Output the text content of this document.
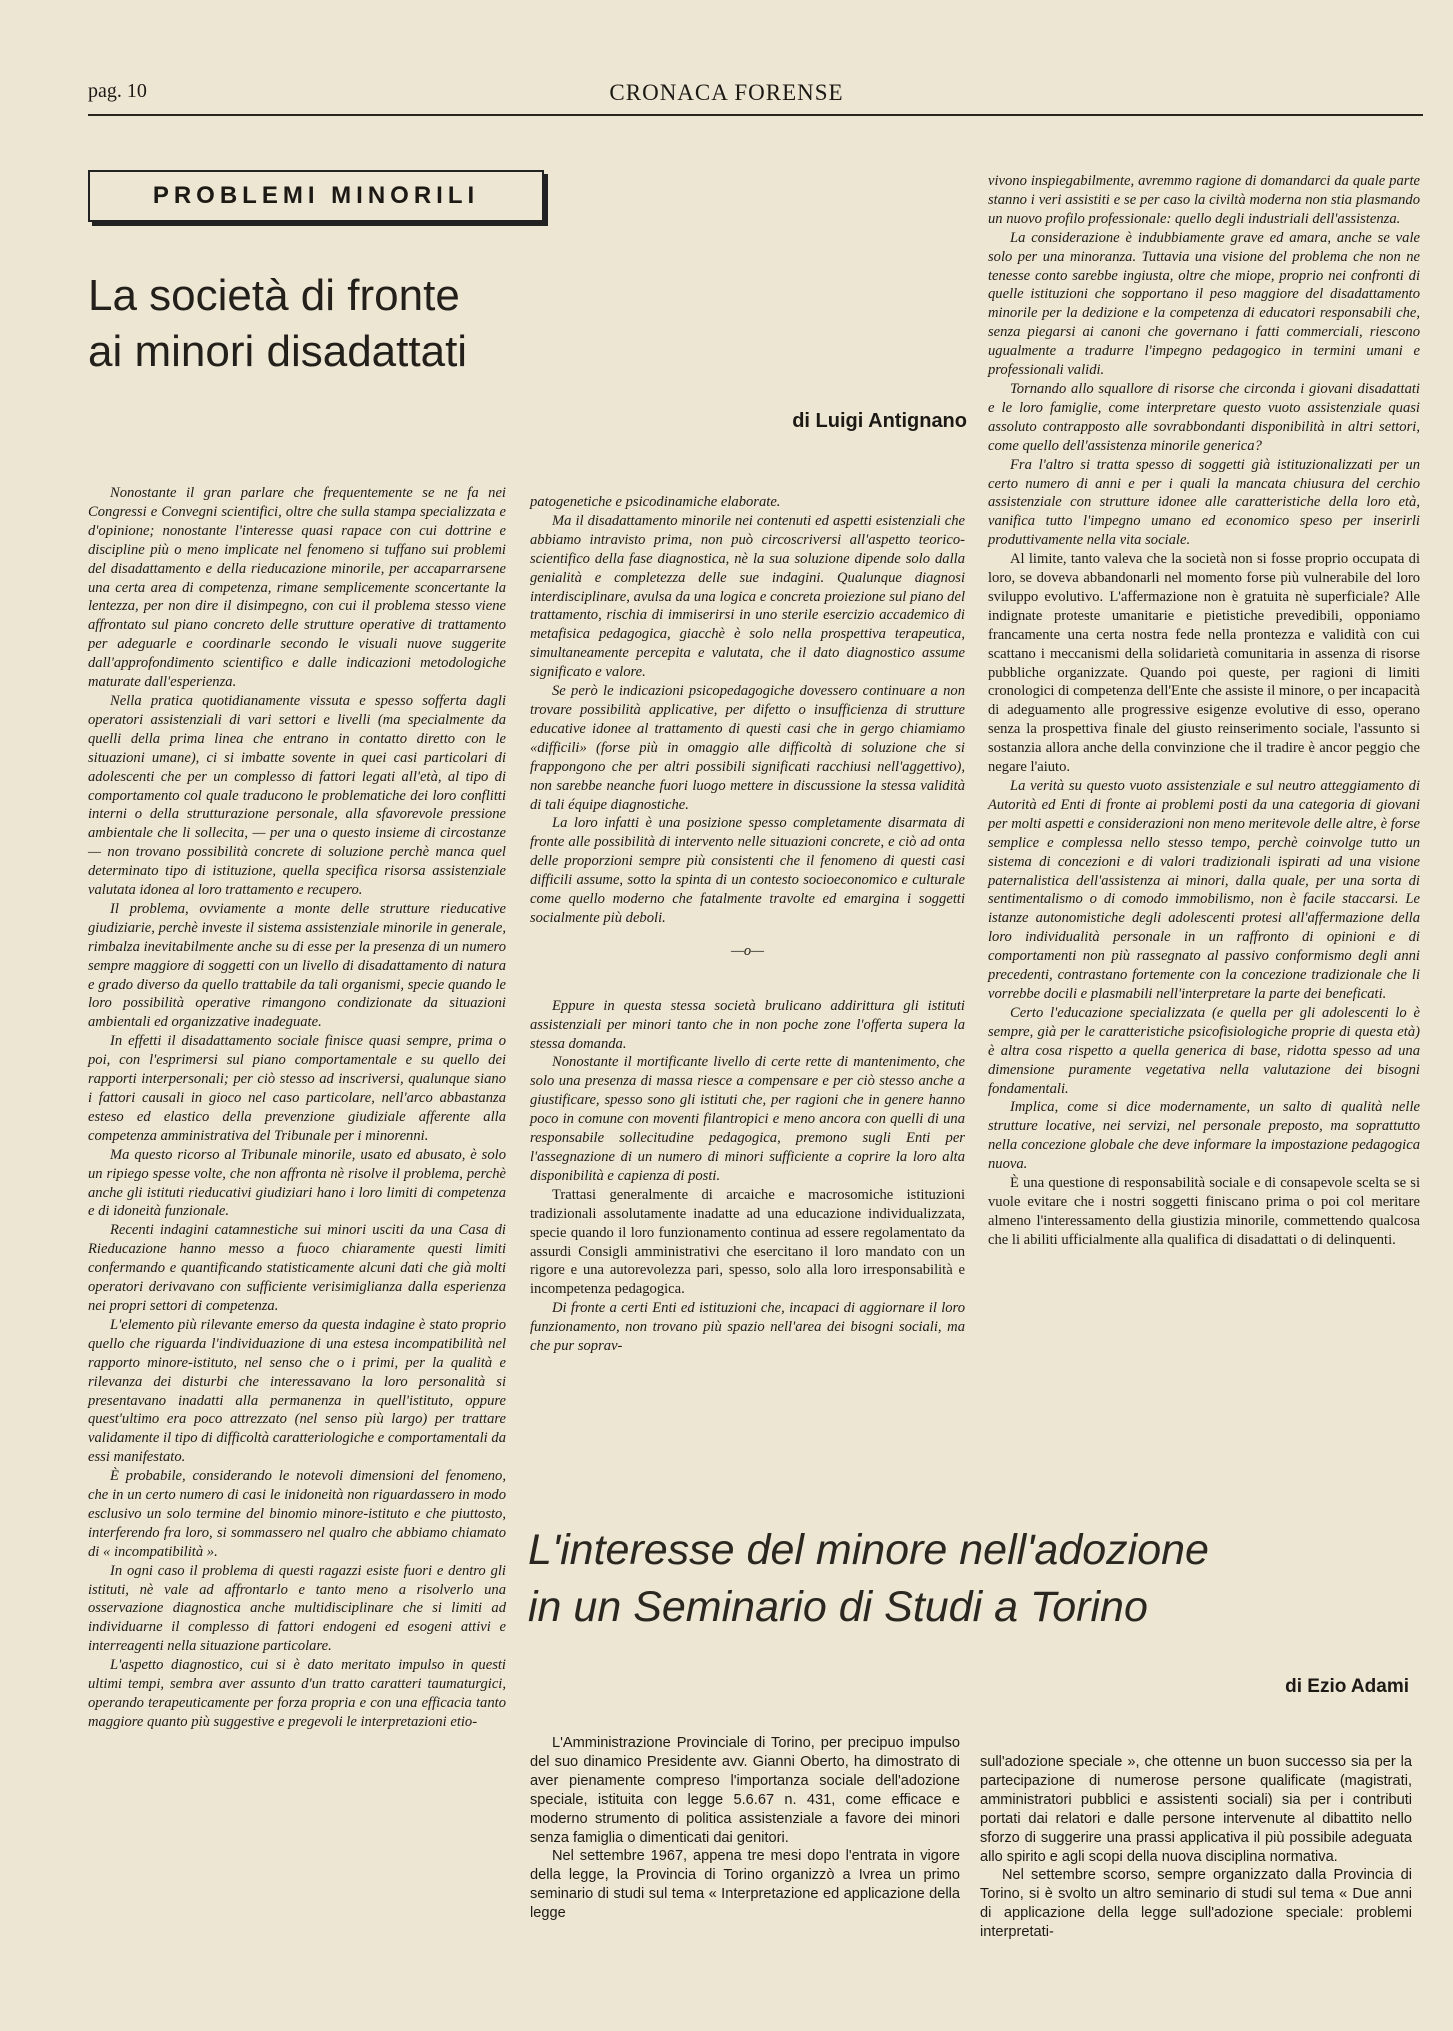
pag. 10	CRONACA FORENSE
PROBLEMI MINORILI
La società di fronte
ai minori disadattati
di Luigi Antignano

Nonostante il gran parlare che frequentemente se ne fa nei Congressi e Convegni scientifici, oltre che sulla stampa specializzata e d'opinione; nonostante l'interesse quasi rapace con cui dottrine e discipline più o meno implicate nel fenomeno si tuffano sui problemi del disadattamento e della rieducazione minorile, per accaparrarsene una certa area di competenza, rimane semplicemente sconcertante la lentezza, per non dire il disimpegno, con cui il problema stesso viene affrontato sul piano concreto delle strutture operative di trattamento per adeguarle e coordinarle secondo le visuali nuove suggerite dall'approfondimento scientifico e dalle indicazioni metodologiche maturate dall'esperienza.

Nella pratica quotidianamente vissuta e spesso sofferta dagli operatori assistenziali di vari settori e livelli (ma specialmente da quelli della prima linea che entrano in contatto diretto con le situazioni umane), ci si imbatte sovente in quei casi particolari di adolescenti che per un complesso di fattori legati all'età, al tipo di comportamento col quale traducono le problematiche dei loro conflitti interni o della strutturazione personale, alla sfavorevole pressione ambientale che li sollecita, — per una o questo insieme di circostanze — non trovano possibilità concrete di soluzione perchè manca quel determinato tipo di istituzione, quella specifica risorsa assistenziale valutata idonea al loro trattamento e recupero.

Il problema, ovviamente a monte delle strutture rieducative giudiziarie, perchè investe il sistema assistenziale minorile in generale, rimbalza inevitabilmente anche su di esse per la presenza di un numero sempre maggiore di soggetti con un livello di disadattamento di natura e grado diverso da quello trattabile da tali organismi, specie quando le loro possibilità operative rimangono condizionate da situazioni ambientali ed organizzative inadeguate.

In effetti il disadattamento sociale finisce quasi sempre, prima o poi, con l'esprimersi sul piano comportamentale e su quello dei rapporti interpersonali; per ciò stesso ad inscriversi, qualunque siano i fattori causali in gioco nel caso particolare, nell'arco abbastanza esteso ed elastico della prevenzione giudiziale afferente alla competenza amministrativa del Tribunale per i minorenni.

Ma questo ricorso al Tribunale minorile, usato ed abusato, è solo un ripiego spesse volte, che non affronta nè risolve il problema, perchè anche gli istituti rieducativi giudiziari hano i loro limiti di competenza e di idoneità funzionale.

Recenti indagini catamnestiche sui minori usciti da una Casa di Rieducazione hanno messo a fuoco chiaramente questi limiti confermando e quantificando statisticamente alcuni dati che già molti operatori derivavano con sufficiente verisimiglianza dalla esperienza nei propri settori di competenza.

L'elemento più rilevante emerso da questa indagine è stato proprio quello che riguarda l'individuazione di una estesa incompatibilità nel rapporto minore-istituto, nel senso che o i primi, per la qualità e rilevanza dei disturbi che interessavano la loro personalità si presentavano inadatti alla permanenza in quell'istituto, oppure quest'ultimo era poco attrezzato (nel senso più largo) per trattare validamente il tipo di difficoltà caratteriologiche e comportamentali da essi manifestato.

È probabile, considerando le notevoli dimensioni del fenomeno, che in un certo numero di casi le inidoneità non riguardassero in modo esclusivo un solo termine del binomio minore-istituto e che piuttosto, interferendo fra loro, si sommassero nel qualro che abbiamo chiamato di « incompatibilità ».

In ogni caso il problema di questi ragazzi esiste fuori e dentro gli istituti, nè vale ad affrontarlo e tanto meno a risolverlo una osservazione diagnostica anche multidisciplinare che si limiti ad individuarne il complesso di fattori endogeni ed esogeni attivi e interreagenti nella situazione particolare.

L'aspetto diagnostico, cui si è dato meritato impulso in questi ultimi tempi, sembra aver assunto d'un tratto caratteri taumaturgici, operando terapeuticamente per forza propria e con una efficacia tanto maggiore quanto più suggestive e pregevoli le interpretazioni etio-

patogenetiche e psicodinamiche elaborate.

Ma il disadattamento minorile nei contenuti ed aspetti esistenziali che abbiamo intravisto prima, non può circoscriversi all'aspetto teorico-scientifico della fase diagnostica, nè la sua soluzione dipende solo dalla genialità e completezza delle sue indagini. Qualunque diagnosi interdisciplinare, avulsa da una logica e concreta proiezione sul piano del trattamento, rischia di immiserirsi in uno sterile esercizio accademico di metafisica pedagogica, giacchè è solo nella prospettiva terapeutica, simultaneamente percepita e valutata, che il dato diagnostico assume significato e valore.

Se però le indicazioni psicopedagogiche dovessero continuare a non trovare possibilità applicative, per difetto o insufficienza di strutture educative idonee al trattamento di questi casi che in gergo chiamiamo «difficili» (forse più in omaggio alle difficoltà di soluzione che si frappongono che per altri possibili significati racchiusi nell'aggettivo), non sarebbe neanche fuori luogo mettere in discussione la stessa validità di tali équipe diagnostiche.

La loro infatti è una posizione spesso completamente disarmata di fronte alle possibilità di intervento nelle situazioni concrete, e ciò ad onta delle proporzioni sempre più consistenti che il fenomeno di questi casi difficili assume, sotto la spinta di un contesto socioeconomico e culturale come quello moderno che fatalmente travolte ed emargina i soggetti socialmente più deboli.

—o—

Eppure in questa stessa società brulicano addirittura gli istituti assistenziali per minori tanto che in non poche zone l'offerta supera la stessa domanda.

Nonostante il mortificante livello di certe rette di mantenimento, che solo una presenza di massa riesce a compensare e per ciò stesso anche a giustificare, spesso sono gli istituti che, per ragioni che in genere hanno poco in comune con moventi filantropici e meno ancora con quelli di una responsabile sollecitudine pedagogica, premono sugli Enti per l'assegnazione di un numero di minori sufficiente a coprire la loro alta disponibilità e capienza di posti.

Trattasi generalmente di arcaiche e macrosomiche istituzioni tradizionali assolutamente inadatte ad una educazione individualizzata, specie quando il loro funzionamento continua ad essere regolamentato da assurdi Consigli amministrativi che esercitano il loro mandato con un rigore e una autorevolezza pari, spesso, solo alla loro irresponsabilità e incompetenza pedagogica.

Di fronte a certi Enti ed istituzioni che, incapaci di aggiornare il loro funzionamento, non trovano più spazio nell'area dei bisogni sociali, ma che pur soprav-

vivono inspiegabilmente, avremmo ragione di domandarci da quale parte stanno i veri assistiti e se per caso la civiltà moderna non stia plasmando un nuovo profilo professionale: quello degli industriali dell'assistenza.

La considerazione è indubbiamente grave ed amara, anche se vale solo per una minoranza. Tuttavia una visione del problema che non ne tenesse conto sarebbe ingiusta, oltre che miope, proprio nei confronti di quelle istituzioni che sopportano il peso maggiore del disadattamento minorile per la dedizione e la competenza di educatori responsabili che, senza piegarsi ai canoni che governano i fatti commerciali, riescono ugualmente a tradurre l'impegno pedagogico in termini umani e professionali validi.

Tornando allo squallore di risorse che circonda i giovani disadattati e le loro famiglie, come interpretare questo vuoto assistenziale quasi assoluto contrapposto alle sovrabbondanti disponibilità in altri settori, come quello dell'assistenza minorile generica?

Fra l'altro si tratta spesso di soggetti già istituzionalizzati per un certo numero di anni e per i quali la mancata chiusura del cerchio assistenziale con strutture idonee alle caratteristiche della loro età, vanifica tutto l'impegno umano ed economico speso per inserirli produttivamente nella vita sociale.

Al limite, tanto valeva che la società non si fosse proprio occupata di loro, se doveva abbandonarli nel momento forse più vulnerabile del loro sviluppo evolutivo. L'affermazione non è gratuita nè superficiale? Alle indignate proteste umanitarie e pietistiche prevedibili, opponiamo francamente una certa nostra fede nella prontezza e validità con cui scattano i meccanismi della solidarietà comunitaria in assenza di risorse pubbliche organizzate. Quando poi queste, per ragioni di limiti cronologici di competenza dell'Ente che assiste il minore, o per incapacità di adeguamento alle progressive esigenze evolutive di esso, operano senza la prospettiva finale del giusto reinserimento sociale, l'assunto si sostanzia allora anche della convinzione che il tradire è ancor peggio che negare l'aiuto.

La verità su questo vuoto assistenziale e sul neutro atteggiamento di Autorità ed Enti di fronte ai problemi posti da una categoria di giovani per molti aspetti e considerazioni non meno meritevole delle altre, è forse semplice e complessa nello stesso tempo, perchè coinvolge tutto un sistema di concezioni e di valori tradizionali ispirati ad una visione paternalistica dell'assistenza ai minori, dalla quale, per una sorta di sentimentalismo o di comodo immobilismo, non è facile staccarsi. Le istanze autonomistiche degli adolescenti protesi all'affermazione della loro individualità personale in un raffronto di opinioni e di comportamenti non più rassegnato al passivo conformismo degli anni precedenti, contrastano fortemente con la concezione tradizionale che li vorrebbe docili e plasmabili nell'interpretare la parte dei beneficati.

Certo l'educazione specializzata (e quella per gli adolescenti lo è sempre, già per le caratteristiche psicofisiologiche proprie di questa età) è altra cosa rispetto a quella generica di base, ridotta spesso ad una dimensione puramente vegetativa nella valutazione dei bisogni fondamentali.

Implica, come si dice modernamente, un salto di qualità nelle strutture locative, nei servizi, nel personale preposto, ma soprattutto nella concezione globale che deve informare la impostazione pedagogica nuova.

È una questione di responsabilità sociale e di consapevole scelta se si vuole evitare che i nostri soggetti finiscano prima o poi col meritare almeno l'interessamento della giustizia minorile, commettendo qualcosa che li abiliti ufficialmente alla qualifica di disadattati o di delinquenti.

L'interesse del minore nell'adozione
in un Seminario di Studi a Torino
di Ezio Adami

L'Amministrazione Provinciale di Torino, per precipuo impulso del suo dinamico Presidente avv. Gianni Oberto, ha dimostrato di aver pienamente compreso l'importanza sociale dell'adozione speciale, istituita con legge 5.6.67 n. 431, come efficace e moderno strumento di politica assistenziale a favore dei minori senza famiglia o dimenticati dai genitori.

Nel settembre 1967, appena tre mesi dopo l'entrata in vigore della legge, la Provincia di Torino organizzò a Ivrea un primo seminario di studi sul tema « Interpretazione ed applicazione della legge

sull'adozione speciale », che ottenne un buon successo sia per la partecipazione di numerose persone qualificate (magistrati, amministratori pubblici e assistenti sociali) sia per i contributi portati dai relatori e dalle persone intervenute al dibattito nello sforzo di suggerire una prassi applicativa il più possibile adeguata allo spirito e agli scopi della nuova disciplina normativa.

Nel settembre scorso, sempre organizzato dalla Provincia di Torino, si è svolto un altro seminario di studi sul tema « Due anni di applicazione della legge sull'adozione speciale: problemi interpretati-
